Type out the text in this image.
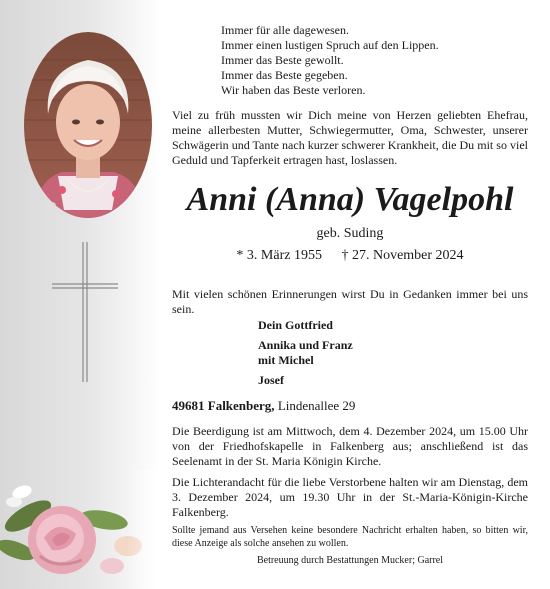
Immer für alle dagewesen.
Immer einen lustigen Spruch auf den Lippen.
Immer das Beste gewollt.
Immer das Beste gegeben.
Wir haben das Beste verloren.
Viel zu früh mussten wir Dich meine von Herzen geliebten Ehefrau, meine allerbesten Mutter, Schwiegermutter, Oma, Schwester, unserer Schwägerin und Tante nach kurzer schwerer Krankheit, die Du mit so viel Geduld und Tapferkeit ertragen hast, loslassen.
Anni (Anna) Vagelpohl
geb. Suding
* 3. März 1955 † 27. November 2024
Mit vielen schönen Erinnerungen wirst Du in Gedanken immer bei uns sein.
Dein Gottfried
Annika und Franz
mit Michel
Josef
49681 Falkenberg, Lindenallee 29
Die Beerdigung ist am Mittwoch, dem 4. Dezember 2024, um 15.00 Uhr von der Friedhofskapelle in Falkenberg aus; anschließend ist das Seelenamt in der St. Maria Königin Kirche.
Die Lichterandacht für die liebe Verstorbene halten wir am Dienstag, dem 3. Dezember 2024, um 19.30 Uhr in der St.-Maria-Königin-Kirche Falkenberg.
Sollte jemand aus Versehen keine besondere Nachricht erhalten haben, so bitten wir, diese Anzeige als solche ansehen zu wollen.
Betreuung durch Bestattungen Mucker; Garrel
